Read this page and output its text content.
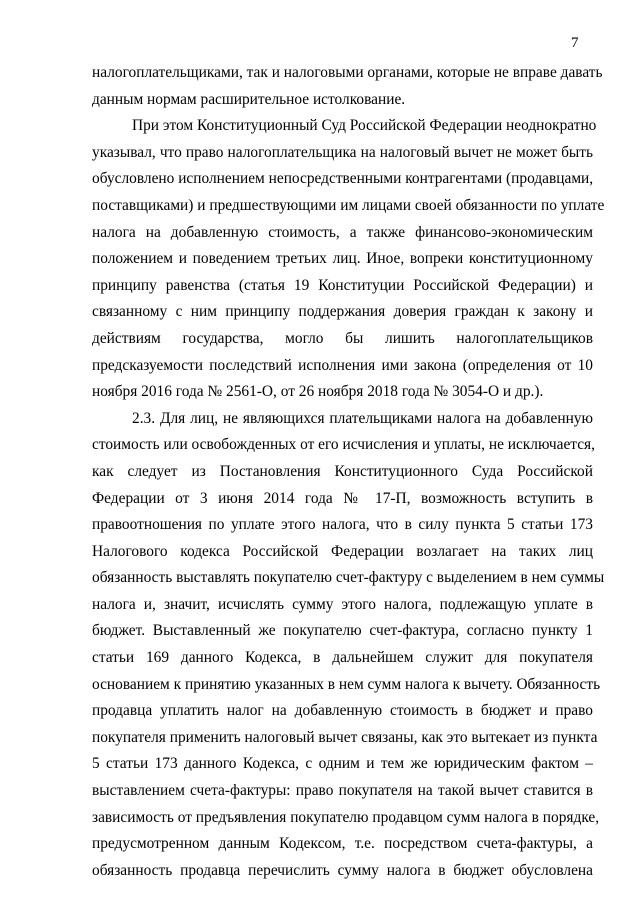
7
налогоплательщиками, так и налоговыми органами, которые не вправе давать
данным нормам расширительное истолкование.
При этом Конституционный Суд Российской Федерации неоднократно
указывал, что право налогоплательщика на налоговый вычет не может быть
обусловлено исполнением непосредственными контрагентами (продавцами,
поставщиками) и предшествующими им лицами своей обязанности по уплате
налога на добавленную стоимость, а также финансово-экономическим
положением и поведением третьих лиц. Иное, вопреки конституционному
принципу равенства (статья 19 Конституции Российской Федерации) и
связанному с ним принципу поддержания доверия граждан к закону и
действиям государства, могло бы лишить налогоплательщиков
предсказуемости последствий исполнения ими закона (определения от 10
ноября 2016 года № 2561-О, от 26 ноября 2018 года № 3054-О и др.).
2.3. Для лиц, не являющихся плательщиками налога на добавленную
стоимость или освобожденных от его исчисления и уплаты, не исключается,
как следует из Постановления Конституционного Суда Российской
Федерации от 3 июня 2014 года № 17-П, возможность вступить в
правоотношения по уплате этого налога, что в силу пункта 5 статьи 173
Налогового кодекса Российской Федерации возлагает на таких лиц
обязанность выставлять покупателю счет-фактуру с выделением в нем суммы
налога и, значит, исчислять сумму этого налога, подлежащую уплате в
бюджет. Выставленный же покупателю счет-фактура, согласно пункту 1
статьи 169 данного Кодекса, в дальнейшем служит для покупателя
основанием к принятию указанных в нем сумм налога к вычету. Обязанность
продавца уплатить налог на добавленную стоимость в бюджет и право
покупателя применить налоговый вычет связаны, как это вытекает из пункта
5 статьи 173 данного Кодекса, с одним и тем же юридическим фактом –
выставлением счета-фактуры: право покупателя на такой вычет ставится в
зависимость от предъявления покупателю продавцом сумм налога в порядке,
предусмотренном данным Кодексом, т.е. посредством счета-фактуры, а
обязанность продавца перечислить сумму налога в бюджет обусловлена
